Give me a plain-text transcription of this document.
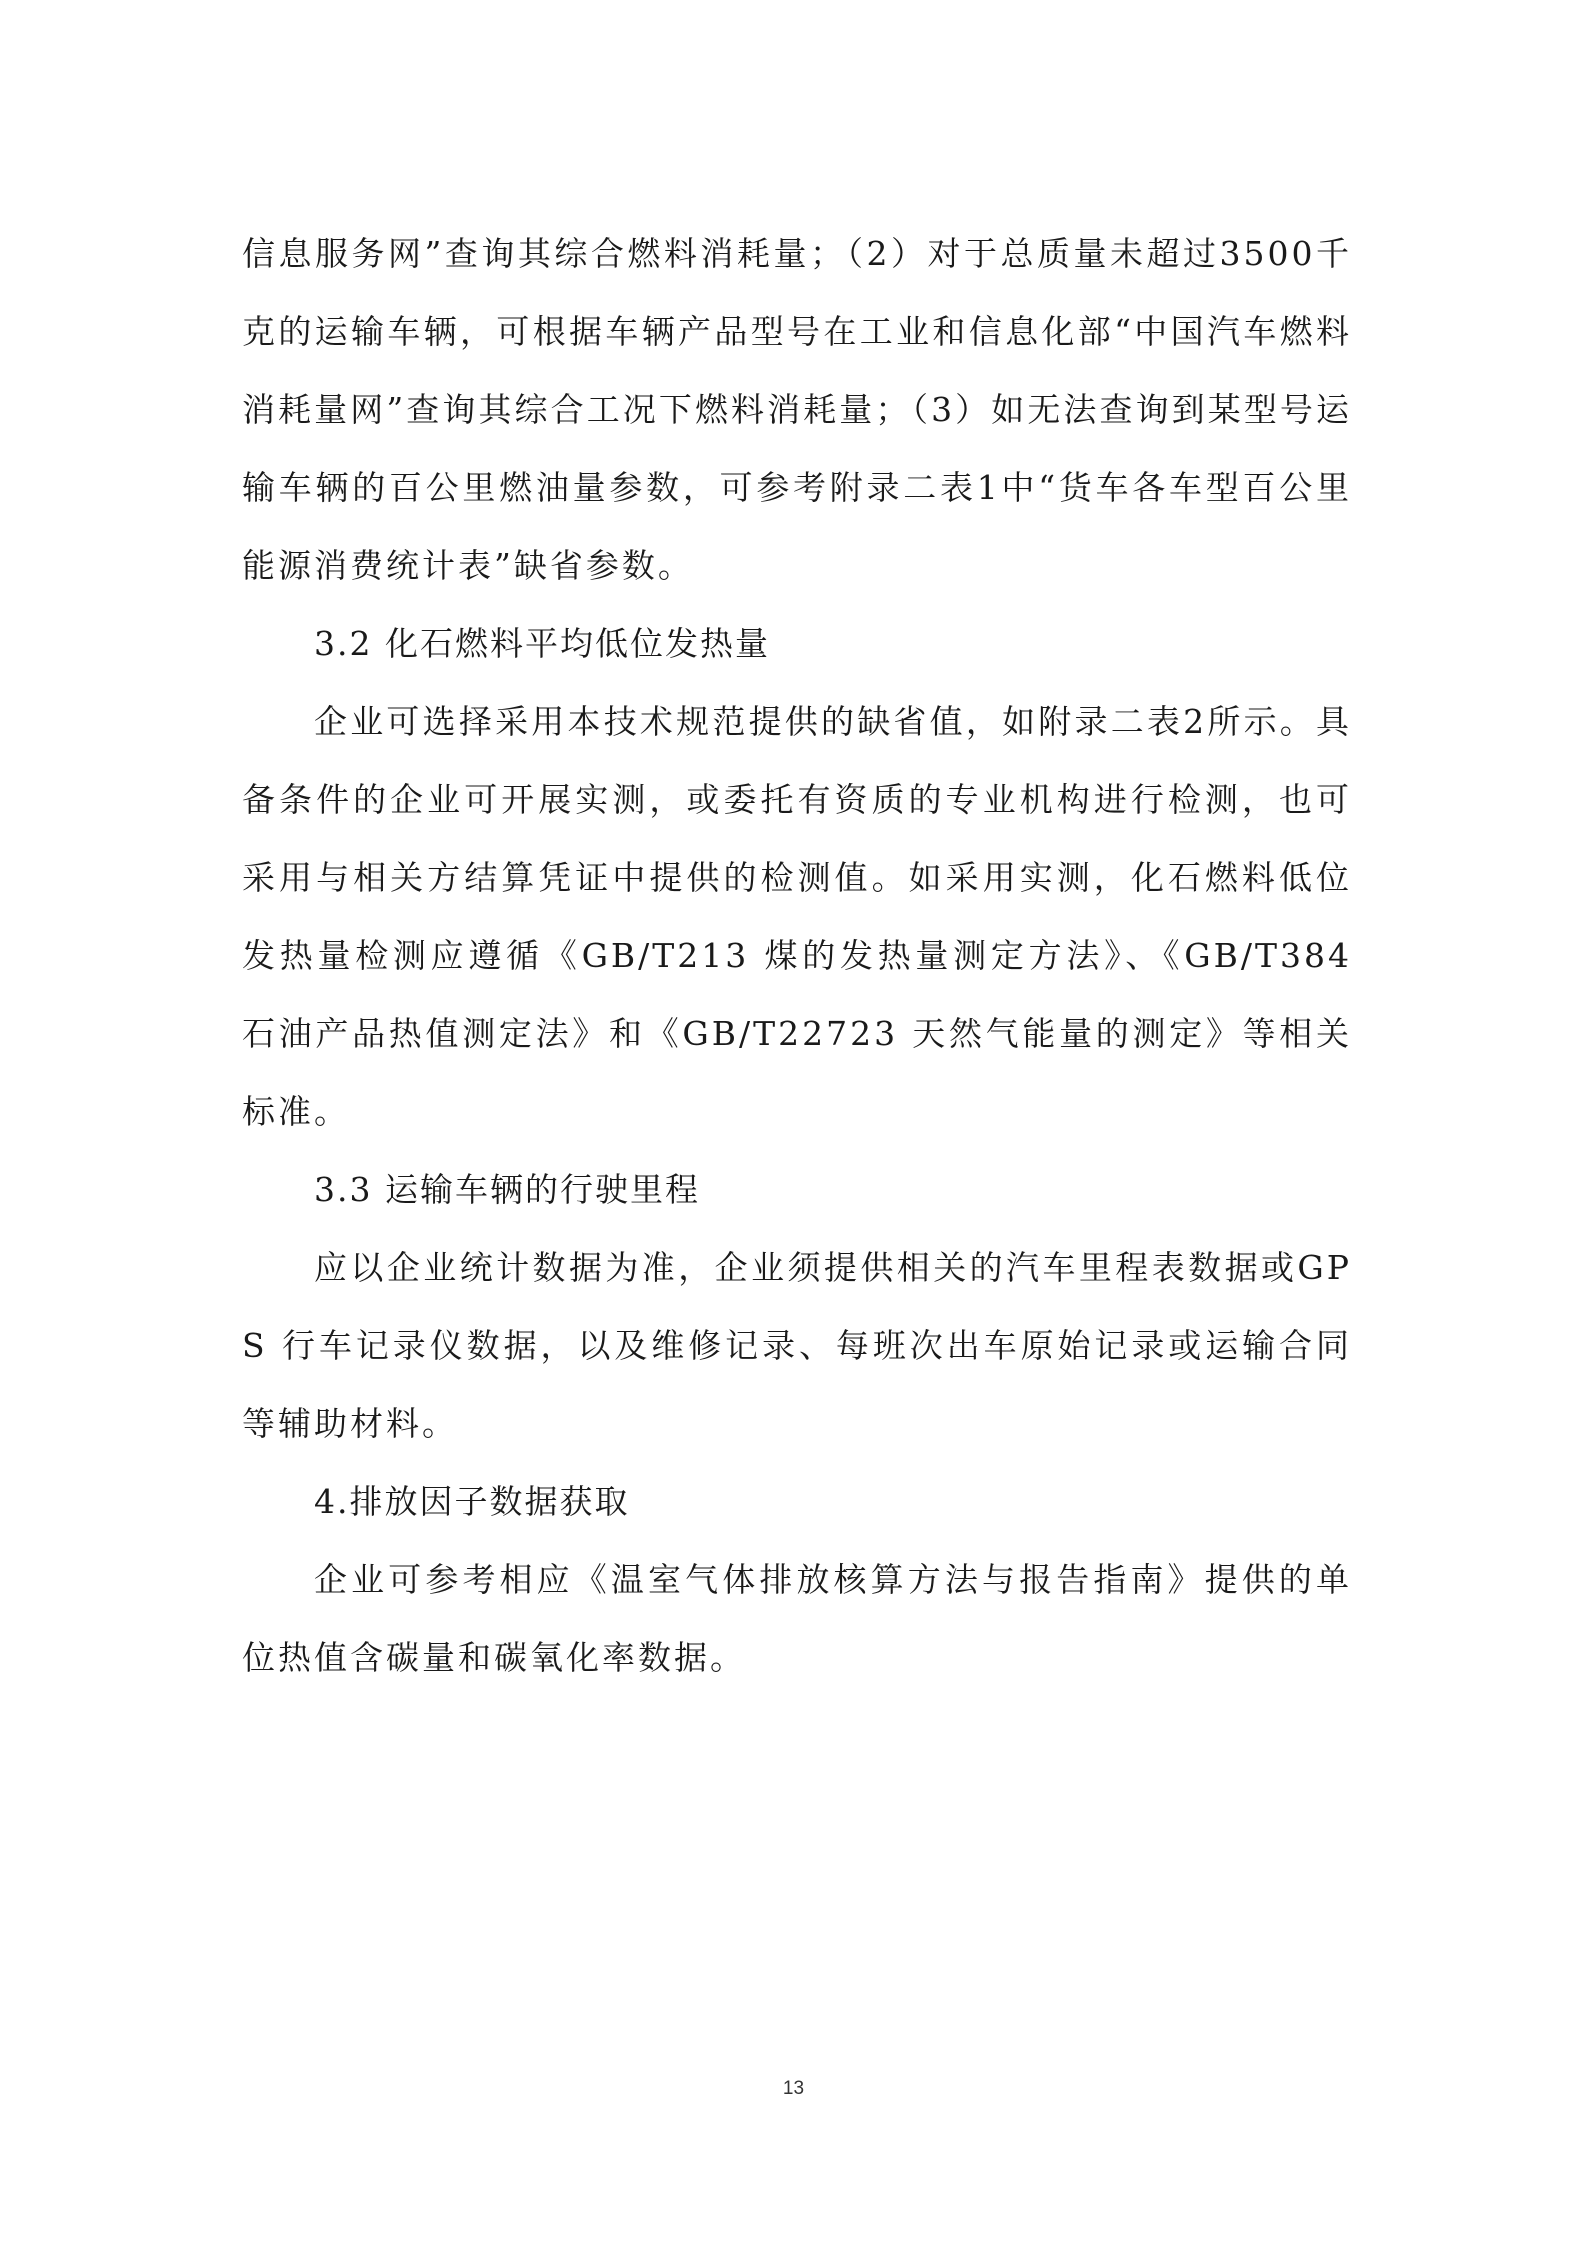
信息服务网”查询其综合燃料消耗量；（2）对于总质量未超过3500千克的运输车辆，可根据车辆产品型号在工业和信息化部“中国汽车燃料消耗量网”查询其综合工况下燃料消耗量；（3）如无法查询到某型号运输车辆的百公里燃油量参数，可参考附录二表1中“货车各车型百公里能源消费统计表”缺省参数。

3.2 化石燃料平均低位发热量

企业可选择采用本技术规范提供的缺省值，如附录二表2所示。具备条件的企业可开展实测，或委托有资质的专业机构进行检测，也可采用与相关方结算凭证中提供的检测值。如采用实测，化石燃料低位发热量检测应遵循《GB/T213 煤的发热量测定方法》、《GB/T384 石油产品热值测定法》和《GB/T22723 天然气能量的测定》等相关标准。

3.3 运输车辆的行驶里程

应以企业统计数据为准，企业须提供相关的汽车里程表数据或GPS 行车记录仪数据，以及维修记录、每班次出车原始记录或运输合同等辅助材料。

4.排放因子数据获取

企业可参考相应《温室气体排放核算方法与报告指南》提供的单位热值含碳量和碳氧化率数据。

13
